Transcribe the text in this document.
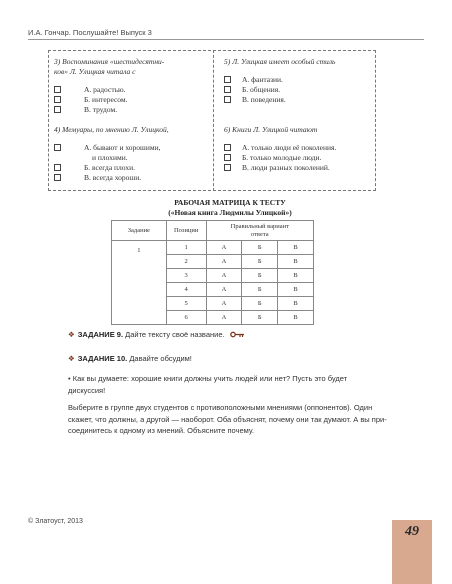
И.А. Гончар. Послушайте! Выпуск 3
3) Воспоминания «шестидесятни-
ков» Л. Улицкая читала с
А. радостью.
Б. интересом.
В. трудом.
4) Мемуары, по мнению Л. Улицкой,
А. бывают и хорошими,
и плохими.
Б. всегда плохи.
В. всегда хороши.
5) Л. Улицкая имеет особый стиль
А. фантазии.
Б. общения.
В. поведения.
6) Книги Л. Улицкой читают
А. только люди её поколения.
Б. только молодые люди.
В. люди разных поколений.
РАБОЧАЯ МАТРИЦА К ТЕСТУ
(«Новая книга Людмилы Улицкой»)
Задание	Позиции	Правильный вариант
ответа		
1	1	А	Б	В
	2	А	Б	В
	3	А	Б	В
	4	А	Б	В
	5	А	Б	В
	6	А	Б	В
❖ ЗАДАНИЕ 9. Дайте тексту своё название.
❖ ЗАДАНИЕ 10. Давайте обсудим!
• Как вы думаете: хорошие книги должны учить людей или нет? Пусть это будет
дискуссия!
Выберите в группе двух студентов с противоположными мнениями (оппонентов). Один
скажет, что должны, а другой — наоборот. Оба объяснят, почему они так думают. А вы при-
соединитесь к одному из мнений. Объясните почему.
© Златоуст, 2013
49
